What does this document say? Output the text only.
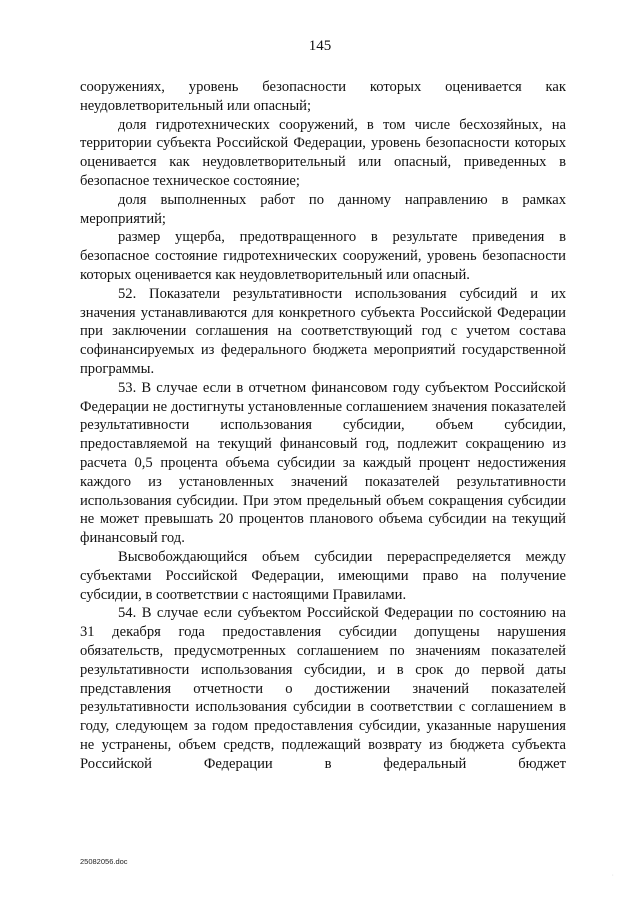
145

сооружениях, уровень безопасности которых оценивается как неудовлетворительный или опасный;

доля гидротехнических сооружений, в том числе бесхозяйных, на территории субъекта Российской Федерации, уровень безопасности которых оценивается как неудовлетворительный или опасный, приведенных в безопасное техническое состояние;

доля выполненных работ по данному направлению в рамках мероприятий;

размер ущерба, предотвращенного в результате приведения в безопасное состояние гидротехнических сооружений, уровень безопасности которых оценивается как неудовлетворительный или опасный.

52. Показатели результативности использования субсидий и их значения устанавливаются для конкретного субъекта Российской Федерации при заключении соглашения на соответствующий год с учетом состава софинансируемых из федерального бюджета мероприятий государственной программы.

53. В случае если в отчетном финансовом году субъектом Российской Федерации не достигнуты установленные соглашением значения показателей результативности использования субсидии, объем субсидии, предоставляемой на текущий финансовый год, подлежит сокращению из расчета 0,5 процента объема субсидии за каждый процент недостижения каждого из установленных значений показателей результативности использования субсидии. При этом предельный объем сокращения субсидии не может превышать 20 процентов планового объема субсидии на текущий финансовый год.

Высвобождающийся объем субсидии перераспределяется между субъектами Российской Федерации, имеющими право на получение субсидии, в соответствии с настоящими Правилами.

54. В случае если субъектом Российской Федерации по состоянию на 31 декабря года предоставления субсидии допущены нарушения обязательств, предусмотренных соглашением по значениям показателей результативности использования субсидии, и в срок до первой даты представления отчетности о достижении значений показателей результативности использования субсидии в соответствии с соглашением в году, следующем за годом предоставления субсидии, указанные нарушения не устранены, объем средств, подлежащий возврату из бюджета субъекта Российской Федерации в федеральный бюджет

25082056.doc
·
